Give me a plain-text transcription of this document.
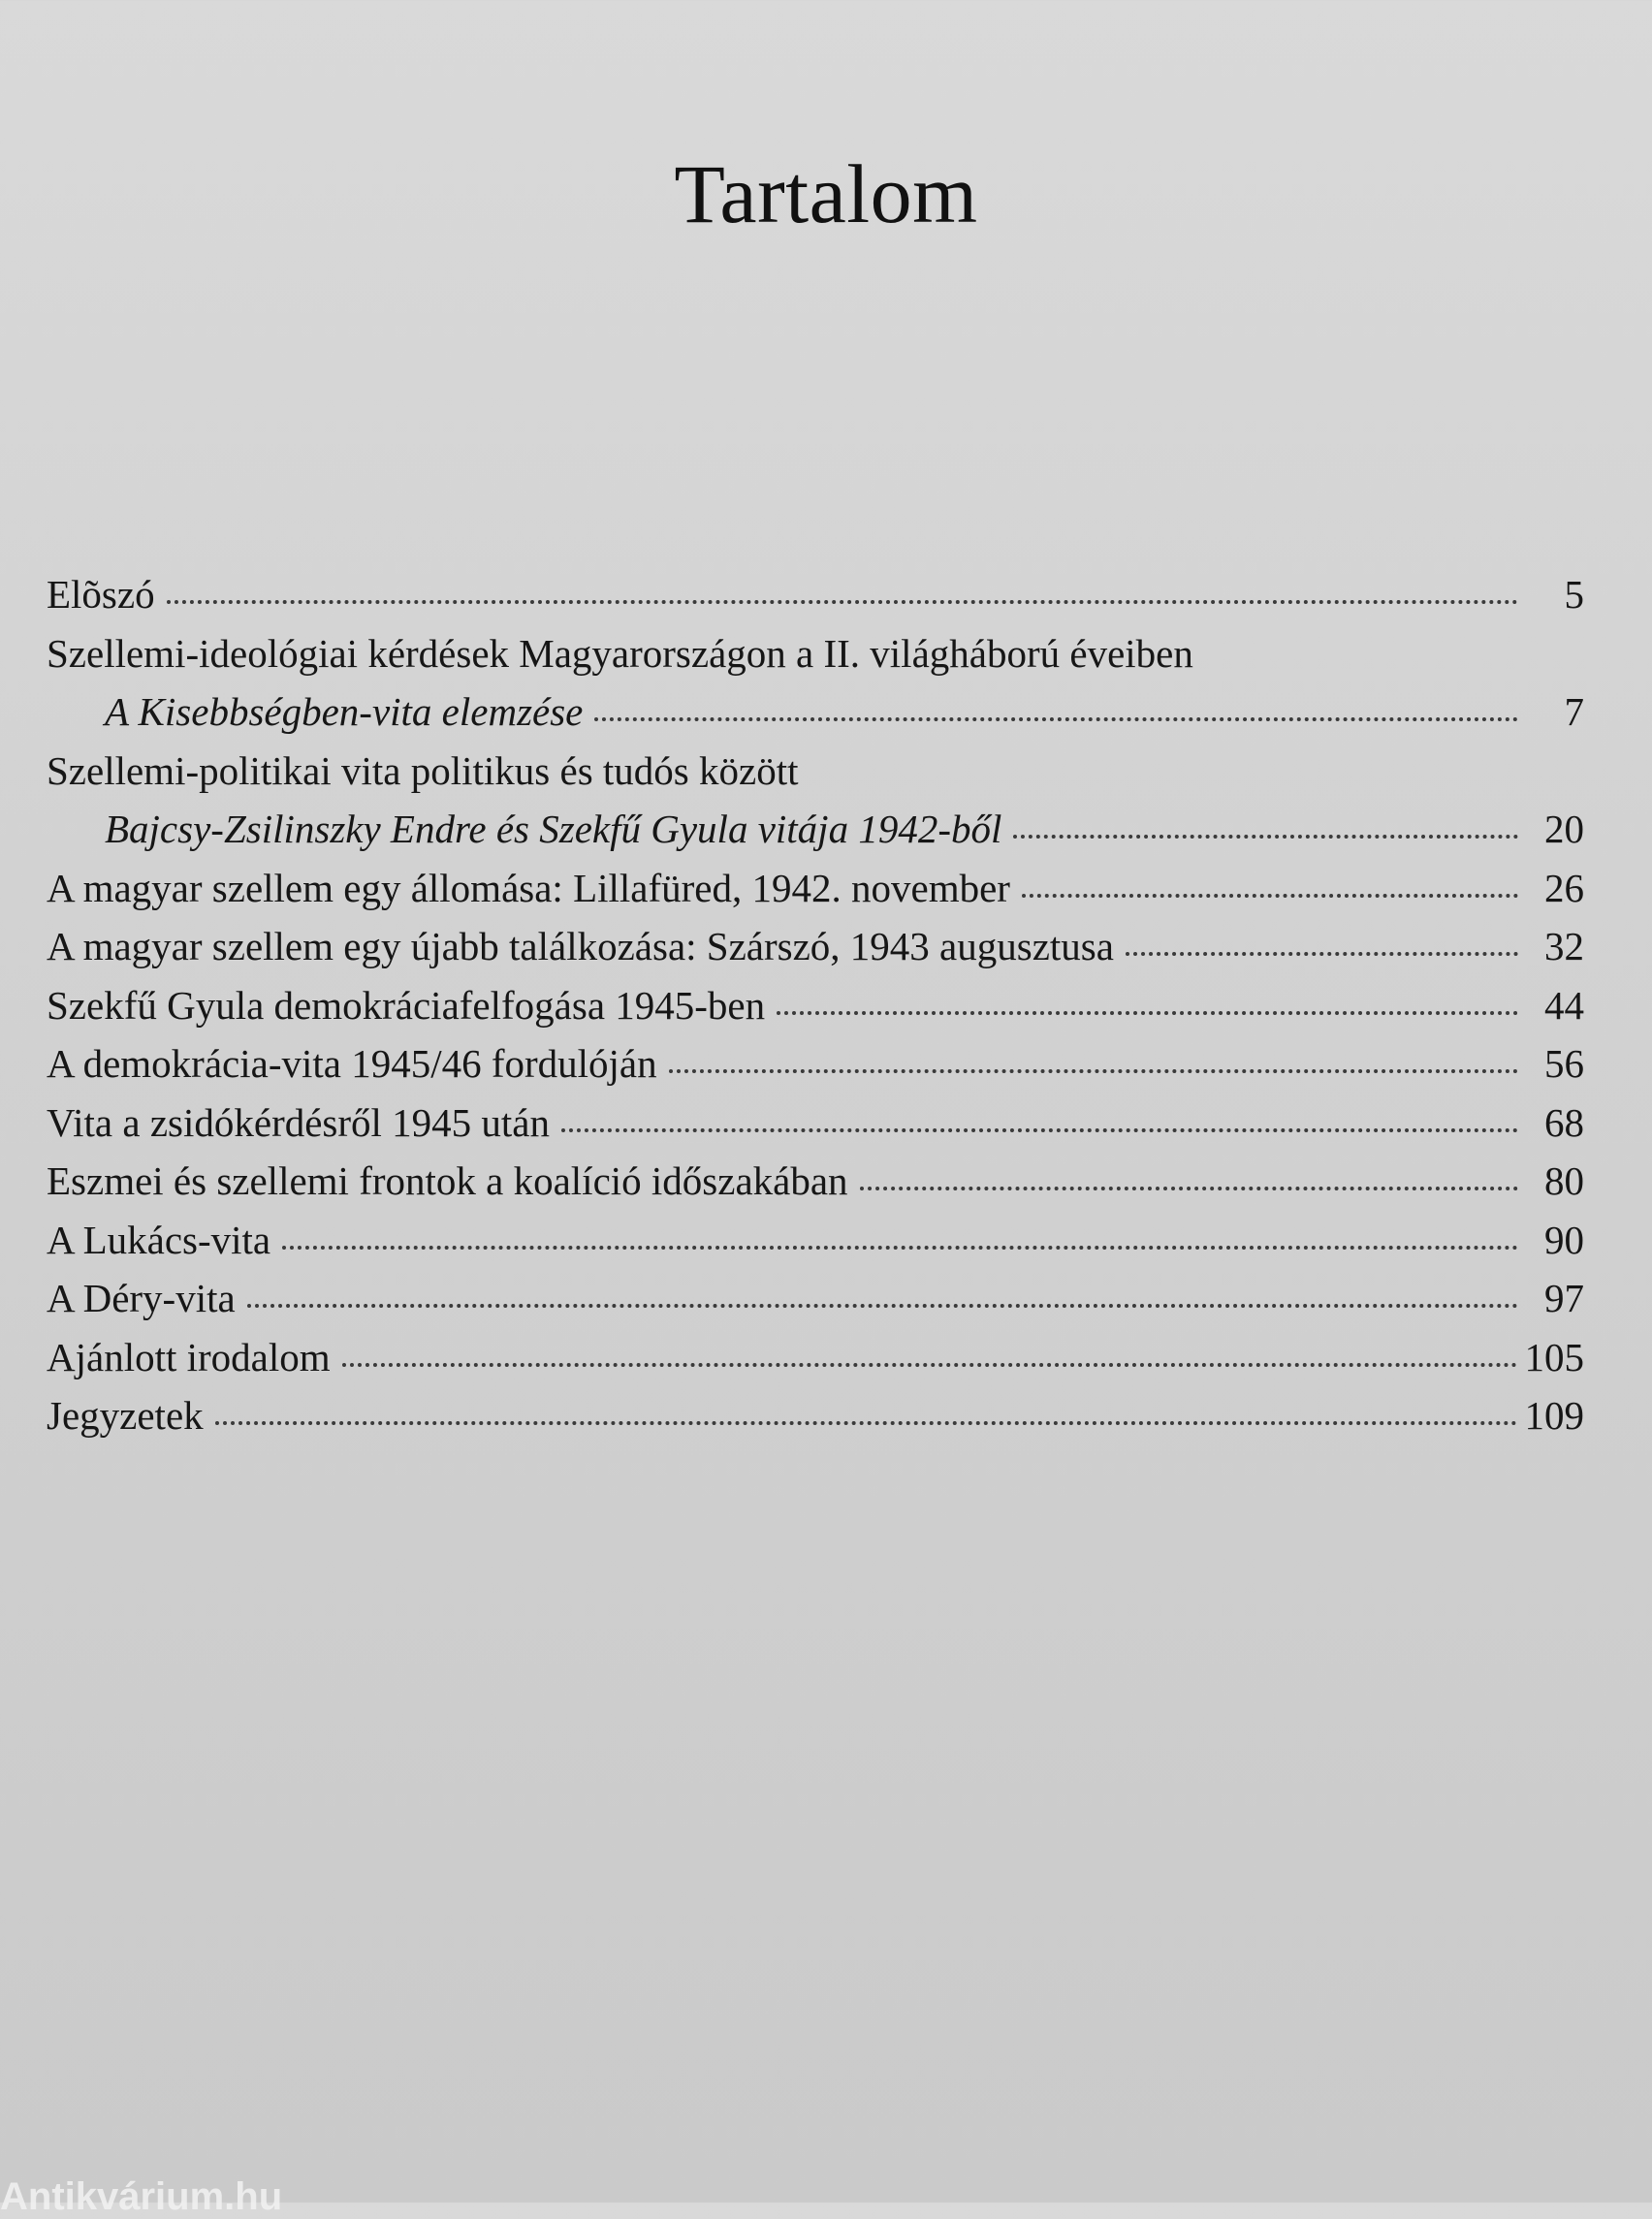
Tartalom
Elõszó	5
Szellemi-ideológiai kérdések Magyarországon a II. világháború éveiben
A Kisebbségben-vita elemzése	7
Szellemi-politikai vita politikus és tudós között
Bajcsy-Zsilinszky Endre és Szekfű Gyula vitája 1942-ből	20
A magyar szellem egy állomása: Lillafüred, 1942. november	26
A magyar szellem egy újabb találkozása: Szárszó, 1943 augusztusa	32
Szekfű Gyula demokráciafelfogása 1945-ben	44
A demokrácia-vita 1945/46 fordulóján	56
Vita a zsidókérdésről 1945 után	68
Eszmei és szellemi frontok a koalíció időszakában	80
A Lukács-vita	90
A Déry-vita	97
Ajánlott irodalom	105
Jegyzetek	109
Antikvárium.hu
